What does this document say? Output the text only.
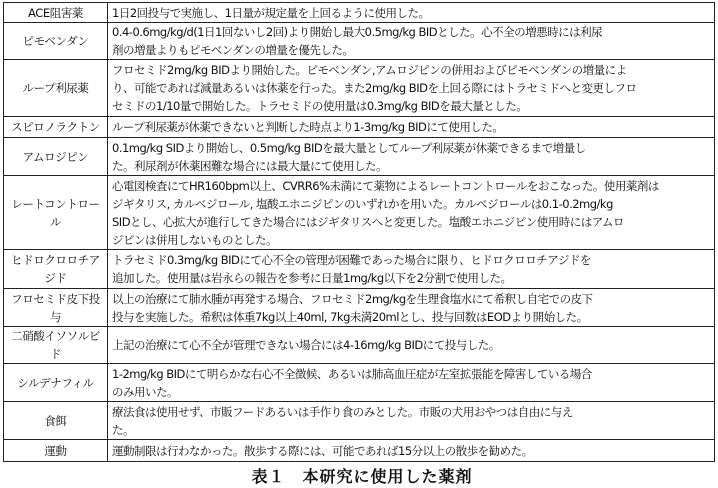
ACE阻害薬	1日2回投与で実施し、1日量が規定量を上回るように使用した。

ピモベンダン	0.4-0.6mg/kg/d(1日1回ないし2回)より開始し最大0.5mg/kg BIDとした。心不全の増悪時には利尿
剤の増量よりもピモベンダンの増量を優先した。

ループ利尿薬	フロセミド2mg/kg BIDより開始した。ピモベンダン,アムロジピンの併用およびピモベンダンの増量によ
り、可能であれば減量あるいは休薬を行った。また2mg/kg BIDを上回る際にはトラセミドへと変更しフロ
セミドの1/10量で開始した。トラセミドの使用量は0.3mg/kg BIDを最大量とした。

スピロノラクトン	ループ利尿薬が休薬できないと判断した時点より1-3mg/kg BIDにて使用した。

アムロジピン	0.1mg/kg SIDより開始し、0.5mg/kg BIDを最大量としてループ利尿薬が休薬できるまで増量し
た。利尿剤が休薬困難な場合には最大量にて使用した。

レートコントロール	心電図検査にてHR160bpm以上、CVRR6%未満にて薬物によるレートコントロールをおこなった。使用薬剤は
ジギタリス, カルベジロール, 塩酸エホニジピンのいずれかを用いた。カルベジロールは0.1-0.2mg/kg
SIDとし、心拡大が進行してきた場合にはジギタリスへと変更した。塩酸エホニジピン使用時にはアムロ
ジピンは併用しないものとした。

ヒドロクロロチアジド	トラセミド0.3mg/kg BIDにて心不全の管理が困難であった場合に限り、ヒドロクロロチアジドを
追加した。使用量は岩永らの報告を参考に日量1mg/kg以下を2分割で使用した。

フロセミド皮下投与	以上の治療にて肺水腫が再発する場合、フロセミド2mg/kgを生理食塩水にて希釈し自宅での皮下
投与を実施した。希釈は体重7kg以上40ml, 7kg未満20mlとし、投与回数はEODより開始した。

二硝酸イソソルビド	上記の治療にて心不全が管理できない場合には4-16mg/kg BIDにて投与した。

シルデナフィル	1-2mg/kg BIDにて明らかな右心不全徴候、あるいは肺高血圧症が左室拡張能を障害している場合
のみ用いた。

食餌	療法食は使用せず、市販フードあるいは手作り食のみとした。市販の犬用おやつは自由に与え
た。

運動	運動制限は行わなかった。散歩する際には、可能であれば15分以上の散歩を勧めた。
表１　本研究に使用した薬剤
